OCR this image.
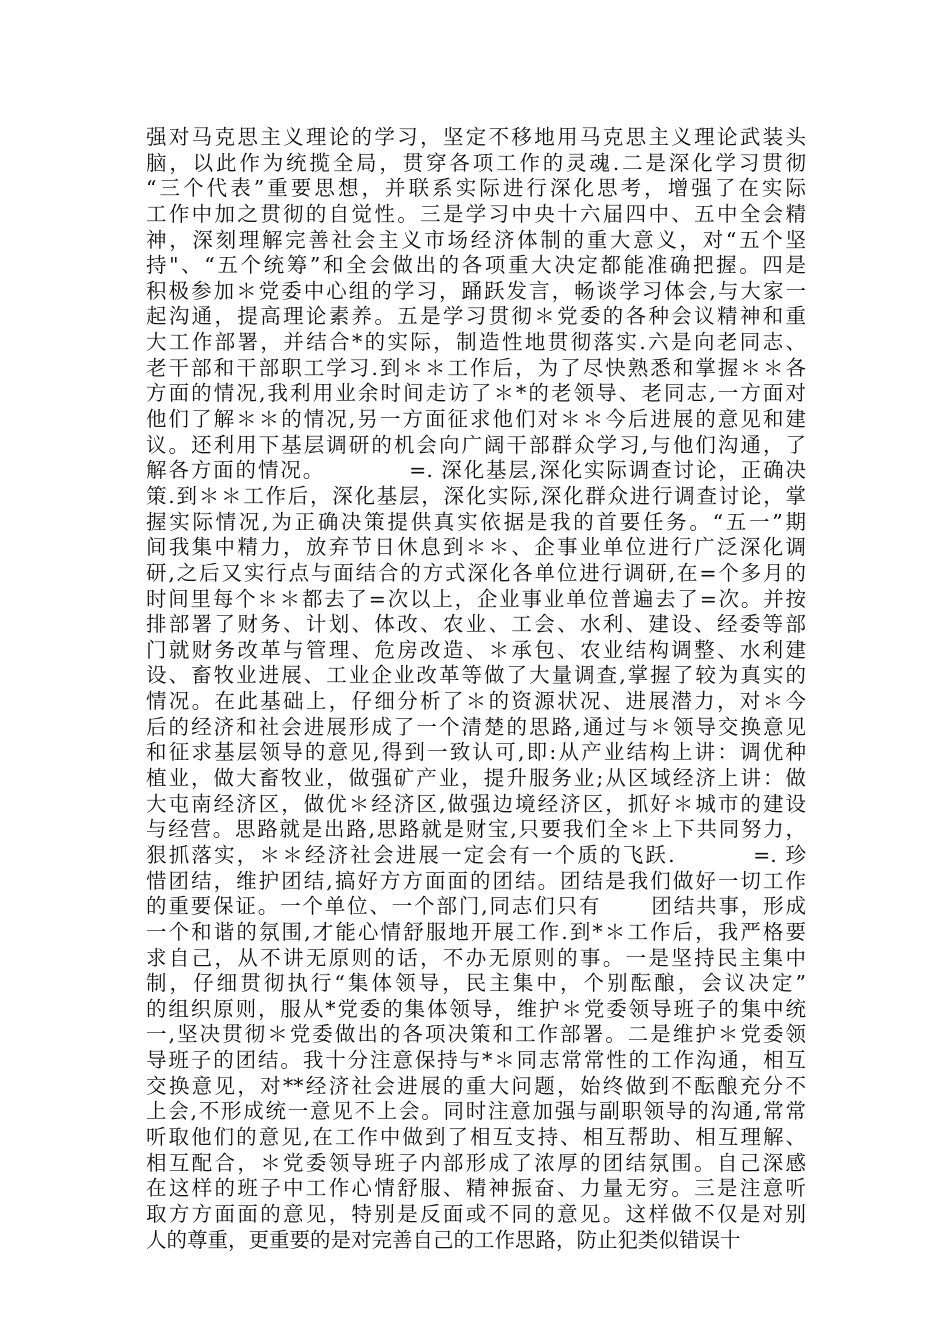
强对马克思主义理论的学习，坚定不移地用马克思主义理论武装头
脑，以此作为统揽全局，贯穿各项工作的灵魂.二是深化学习贯彻
“三个代表”重要思想，并联系实际进行深化思考，增强了在实际
工作中加之贯彻的自觉性。三是学习中央十六届四中、五中全会精
神，深刻理解完善社会主义市场经济体制的重大意义，对“五个坚
持"、“五个统筹”和全会做出的各项重大决定都能准确把握。四是
积极参加＊党委中心组的学习，踊跃发言，畅谈学习体会,与大家一
起沟通，提高理论素养。五是学习贯彻＊党委的各种会议精神和重
大工作部署，并结合*的实际，制造性地贯彻落实.六是向老同志、
老干部和干部职工学习.到＊＊工作后，为了尽快熟悉和掌握＊＊各
方面的情况,我利用业余时间走访了＊*的老领导、老同志,一方面对
他们了解＊＊的情况,另一方面征求他们对＊＊今后进展的意见和建
议。还利用下基层调研的机会向广阔干部群众学习,与他们沟通，了
解各方面的情况。          =. 深化基层,深化实际调查讨论，正确决
策.到＊＊工作后，深化基层，深化实际,深化群众进行调查讨论，掌
握实际情况,为正确决策提供真实依据是我的首要任务。“五一”期
间我集中精力，放弃节日休息到＊＊、企事业单位进行广泛深化调
研,之后又实行点与面结合的方式深化各单位进行调研,在=个多月的
时间里每个＊＊都去了=次以上，企业事业单位普遍去了=次。并按
排部署了财务、计划、体改、农业、工会、水利、建设、经委等部
门就财务改革与管理、危房改造、＊承包、农业结构调整、水利建
设、畜牧业进展、工业企业改革等做了大量调查,掌握了较为真实的
情况。在此基础上，仔细分析了＊的资源状况、进展潜力，对＊今
后的经济和社会进展形成了一个清楚的思路,通过与＊领导交换意见
和征求基层领导的意见,得到一致认可,即:从产业结构上讲：调优种
植业，做大畜牧业，做强矿产业，提升服务业;从区域经济上讲：做
大屯南经济区，做优＊经济区,做强边境经济区，抓好＊城市的建设
与经营。思路就是出路,思路就是财宝,只要我们全＊上下共同努力，
狠抓落实，＊＊经济社会进展一定会有一个质的飞跃.         =. 珍
惜团结，维护团结,搞好方方面面的团结。团结是我们做好一切工作
的重要保证。一个单位、一个部门,同志们只有      团结共事，形成
一个和谐的氛围,才能心情舒服地开展工作.到*＊工作后，我严格要
求自己，从不讲无原则的话，不办无原则的事。一是坚持民主集中
制，仔细贯彻执行“集体领导，民主集中，个别酝酿，会议决定”
的组织原则，服从*党委的集体领导，维护＊党委领导班子的集中统
一,坚决贯彻＊党委做出的各项决策和工作部署。二是维护＊党委领
导班子的团结。我十分注意保持与*＊同志常常性的工作沟通，相互
交换意见，对**经济社会进展的重大问题，始终做到不酝酿充分不
上会,不形成统一意见不上会。同时注意加强与副职领导的沟通,常常
听取他们的意见,在工作中做到了相互支持、相互帮助、相互理解、
相互配合，＊党委领导班子内部形成了浓厚的团结氛围。自己深感
在这样的班子中工作心情舒服、精神振奋、力量无穷。三是注意听
取方方面面的意见，特别是反面或不同的意见。这样做不仅是对别
人的尊重，更重要的是对完善自己的工作思路，防止犯类似错误十
